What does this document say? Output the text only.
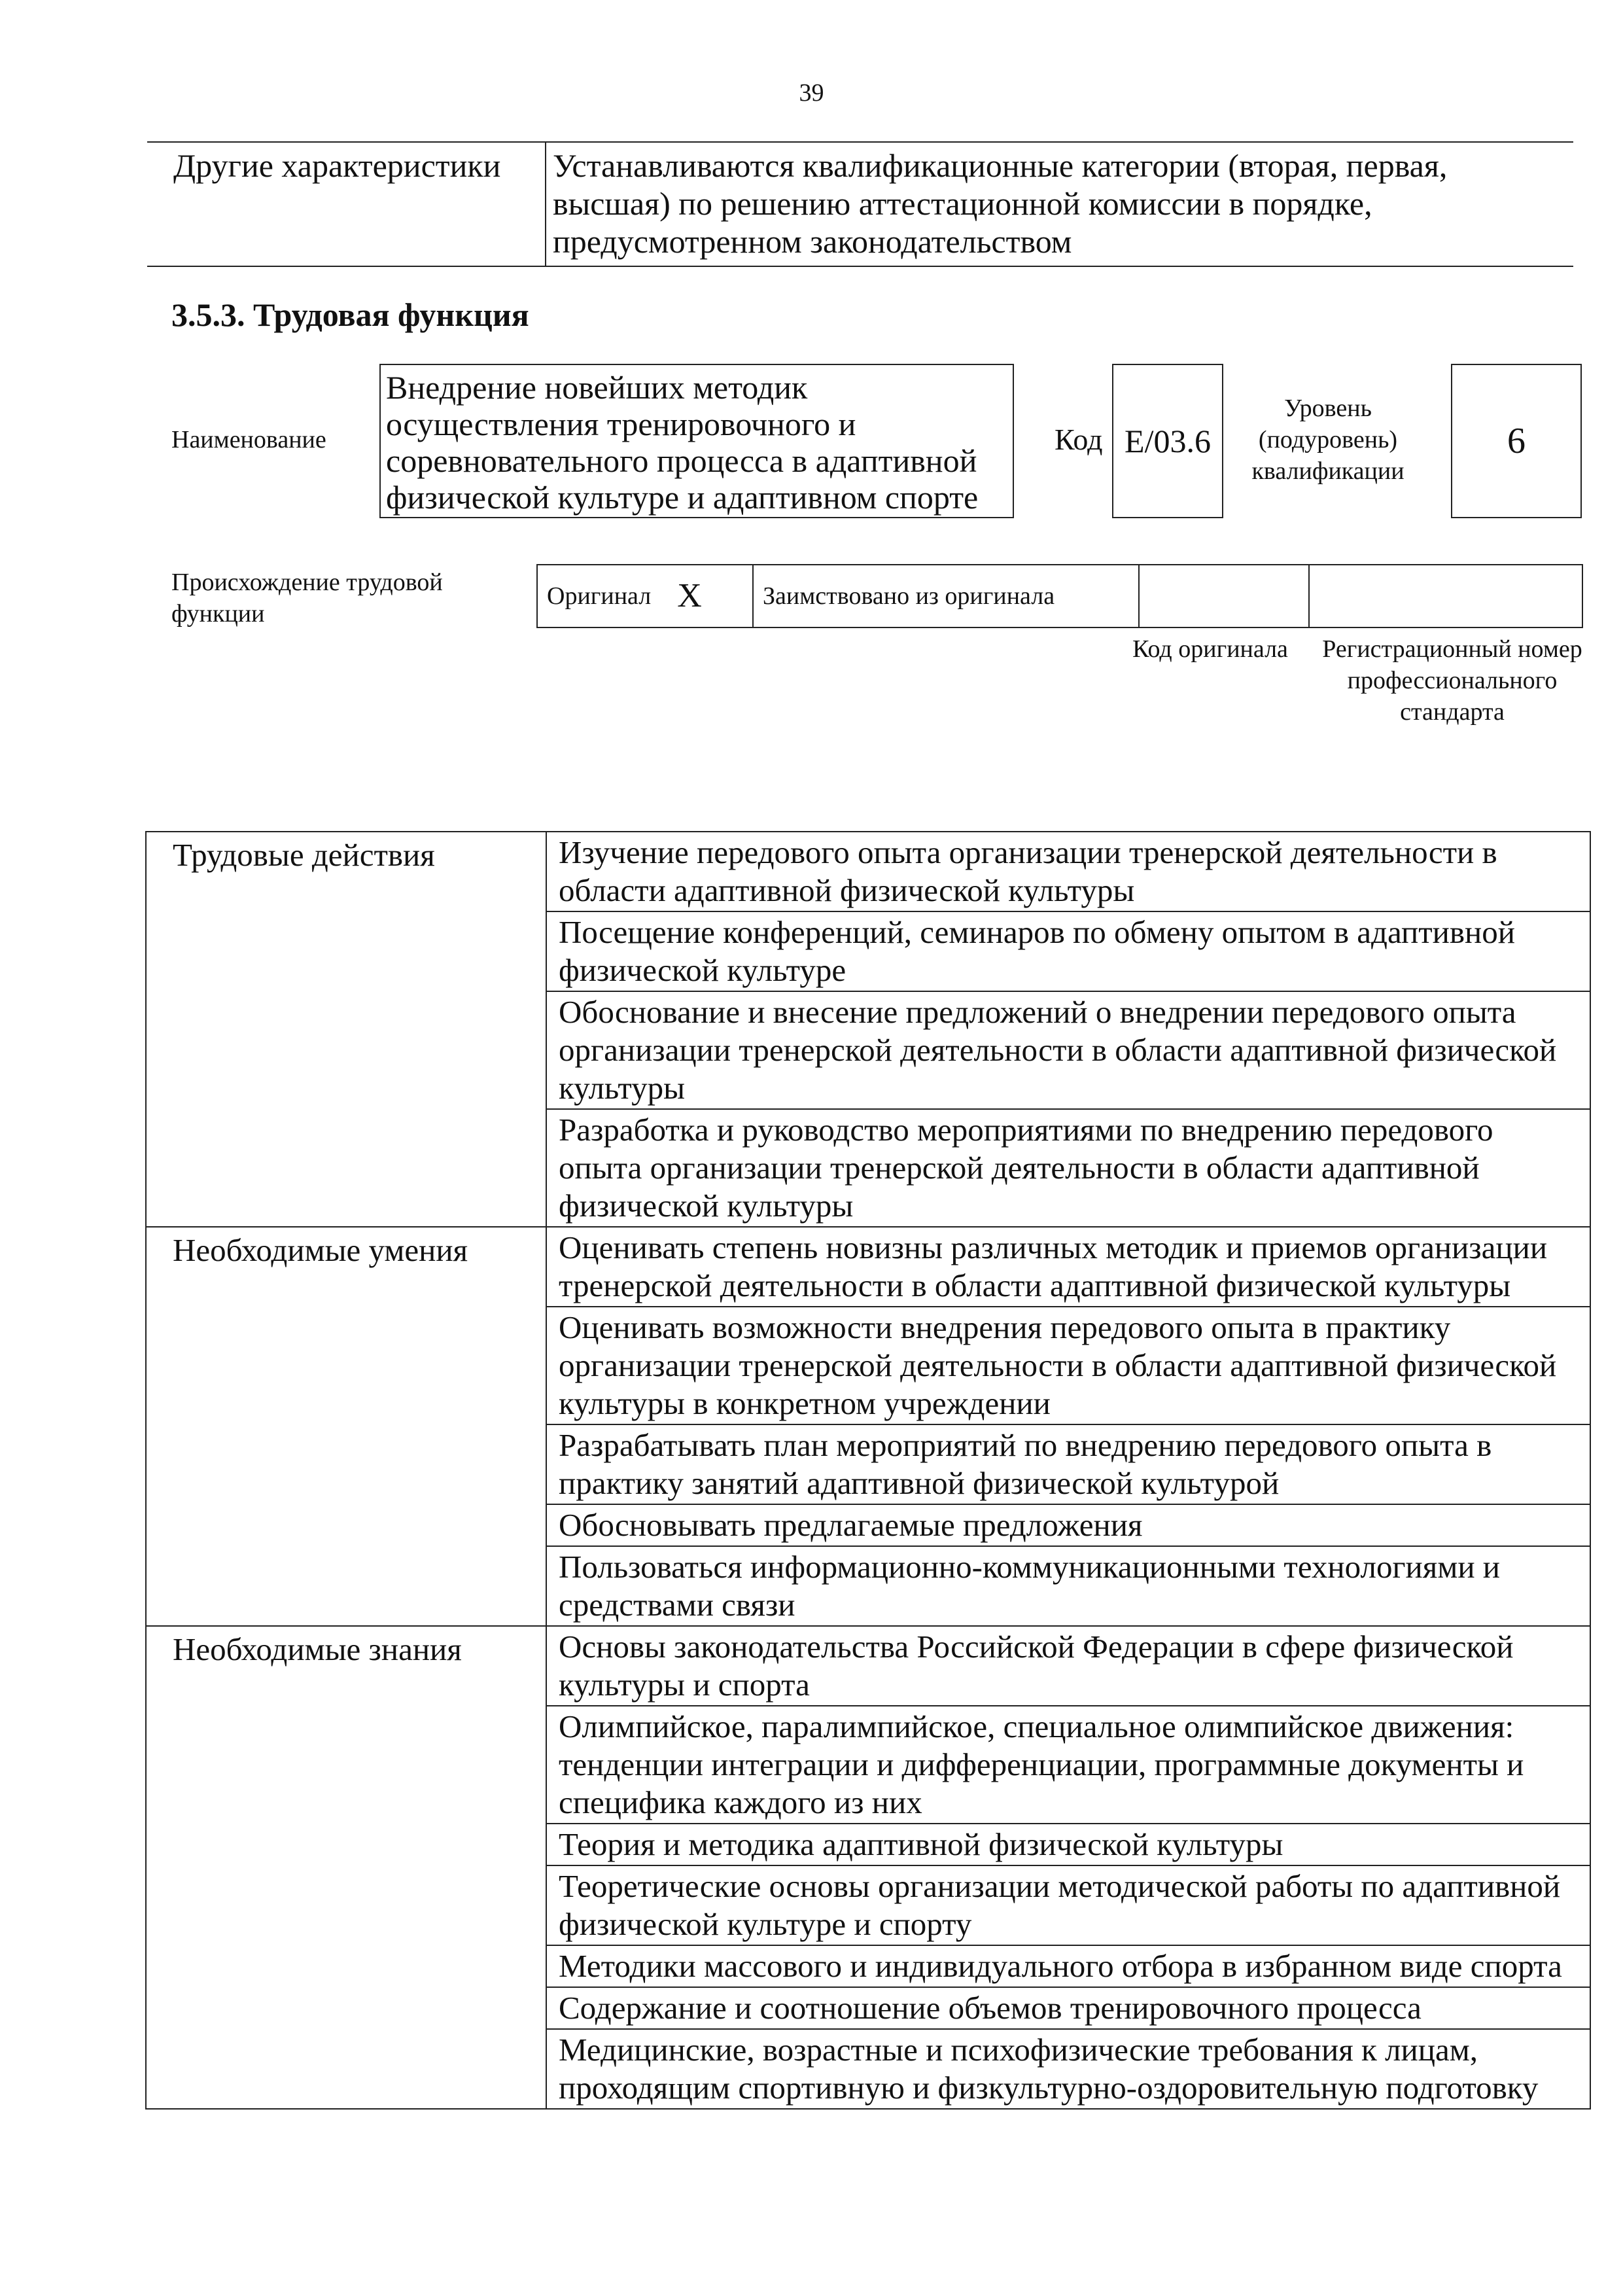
39
Другие характеристики	Устанавливаются квалификационные категории (вторая, первая, высшая) по решению аттестационной комиссии в порядке, предусмотренном законодательством
3.5.3. Трудовая функция
Наименование
Внедрение новейших методик осуществления тренировочного и соревновательного процесса в адаптивной физической культуре и адаптивном спорте
Код E/03.6
Уровень (подуровень) квалификации
6
Происхождение трудовой функции
Оригинал X Заимствовано из оригинала
Код оригинала Регистрационный номер профессионального стандарта
Трудовые действия	Изучение передового опыта организации тренерской деятельности в области адаптивной физической культуры
	Посещение конференций, семинаров по обмену опытом в адаптивной физической культуре
	Обоснование и внесение предложений о внедрении передового опыта организации тренерской деятельности в области адаптивной физической культуры
	Разработка и руководство мероприятиями по внедрению передового опыта организации тренерской деятельности в области адаптивной физической культуры
Необходимые умения	Оценивать степень новизны различных методик и приемов организации тренерской деятельности в области адаптивной физической культуры
	Оценивать возможности внедрения передового опыта в практику организации тренерской деятельности в области адаптивной физической культуры в конкретном учреждении
	Разрабатывать план мероприятий по внедрению передового опыта в практику занятий адаптивной физической культурой
	Обосновывать предлагаемые предложения
	Пользоваться информационно-коммуникационными технологиями и средствами связи
Необходимые знания	Основы законодательства Российской Федерации в сфере физической культуры и спорта
	Олимпийское, паралимпийское, специальное олимпийское движения: тенденции интеграции и дифференциации, программные документы и специфика каждого из них
	Теория и методика адаптивной физической культуры
	Теоретические основы организации методической работы по адаптивной физической культуре и спорту
	Методики массового и индивидуального отбора в избранном виде спорта
	Содержание и соотношение объемов тренировочного процесса
	Медицинские, возрастные и психофизические требования к лицам, проходящим спортивную и физкультурно-оздоровительную подготовку
